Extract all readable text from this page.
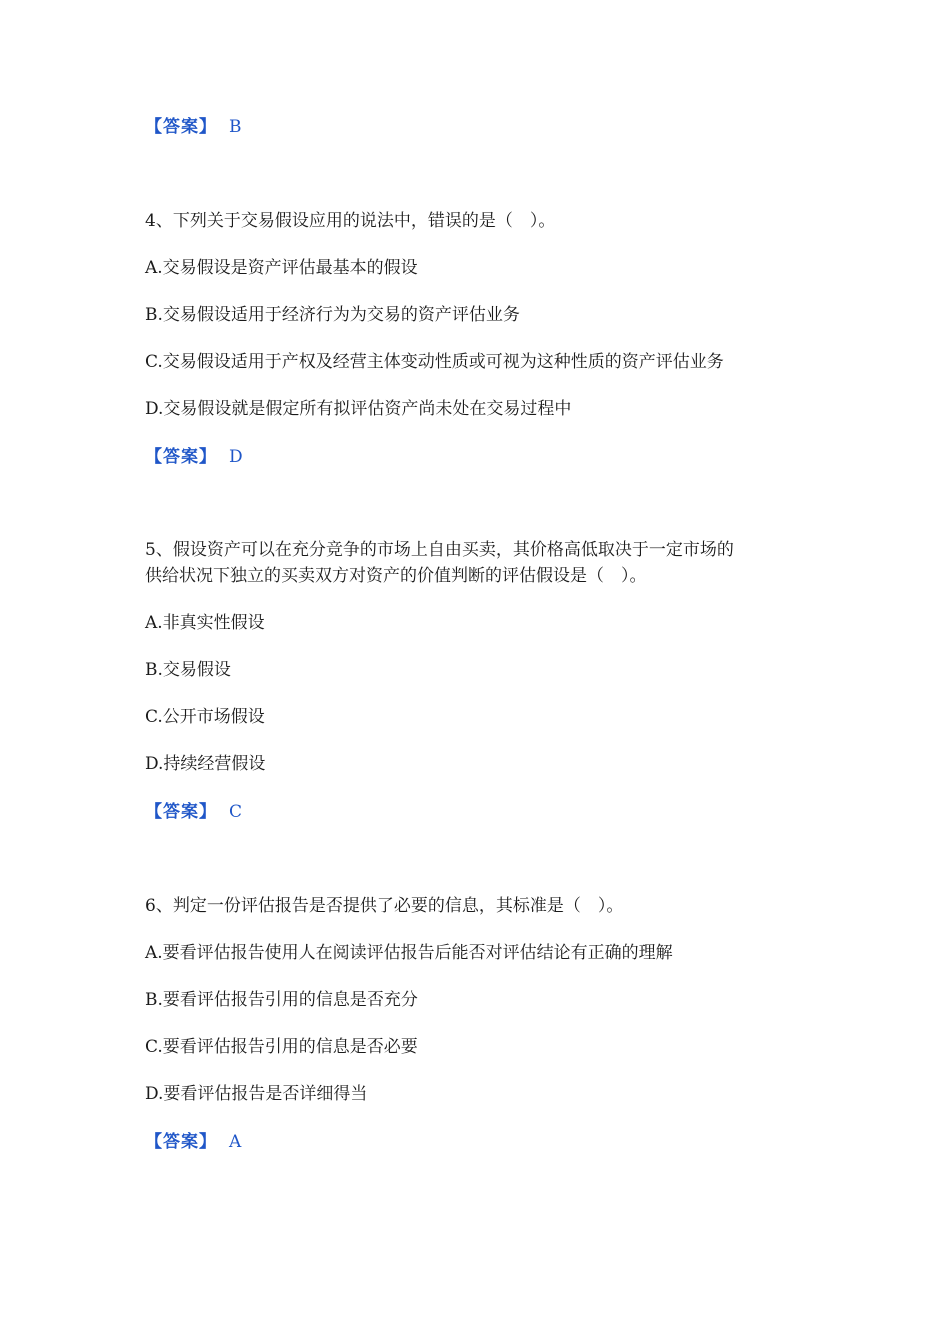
【答案】 B
4、下列关于交易假设应用的说法中，错误的是（　）。
A.交易假设是资产评估最基本的假设
B.交易假设适用于经济行为为交易的资产评估业务
C.交易假设适用于产权及经营主体变动性质或可视为这种性质的资产评估业务
D.交易假设就是假定所有拟评估资产尚未处在交易过程中
【答案】 D
5、假设资产可以在充分竞争的市场上自由买卖，其价格高低取决于一定市场的
供给状况下独立的买卖双方对资产的价值判断的评估假设是（　）。
A.非真实性假设
B.交易假设
C.公开市场假设
D.持续经营假设
【答案】 C
6、判定一份评估报告是否提供了必要的信息，其标准是（　）。
A.要看评估报告使用人在阅读评估报告后能否对评估结论有正确的理解
B.要看评估报告引用的信息是否充分
C.要看评估报告引用的信息是否必要
D.要看评估报告是否详细得当
【答案】 A
